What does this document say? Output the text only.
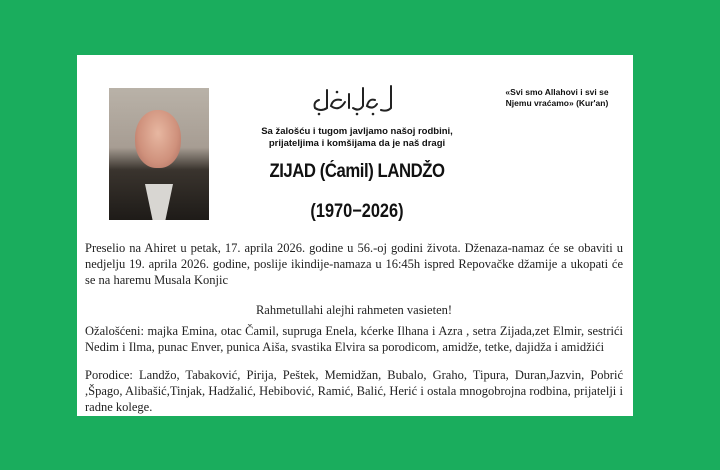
«Svi smo Allahovi i svi se
Njemu vraćamo» (Kur'an)
Sa žalošću i tugom javljamo našoj rodbini,
prijateljima i komšijama da je naš dragi
ZIJAD (Ćamil) LANDŽO
(1970−2026)
Preselio na Ahiret u petak, 17. aprila 2026. godine u 56.-oj godini života. Dženaza-namaz će se obaviti u nedjelju 19. aprila 2026. godine, poslije ikindije-namaza u 16:45h ispred Repovačke džamije a ukopati će se na haremu Musala Konjic
Rahmetullahi alejhi rahmeten vasieten!
Ožalošćeni: majka Emina, otac Čamil, supruga Enela, kćerke Ilhana i Azra , setra Zijada,zet Elmir, sestrići Nedim i Ilma, punac Enver, punica Aiša, svastika Elvira sa porodicom, amidže, tetke, dajidža i amidžići
Porodice: Landžo, Tabaković, Pirija, Peštek, Memidžan, Bubalo, Graho, Tipura, Duran,Jazvin, Pobrić ,Špago, Alibašić,Tinjak, Hadžalić, Hebibović, Ramić, Balić, Herić i ostala mnogobrojna rodbina, prijatelji i radne kolege.
